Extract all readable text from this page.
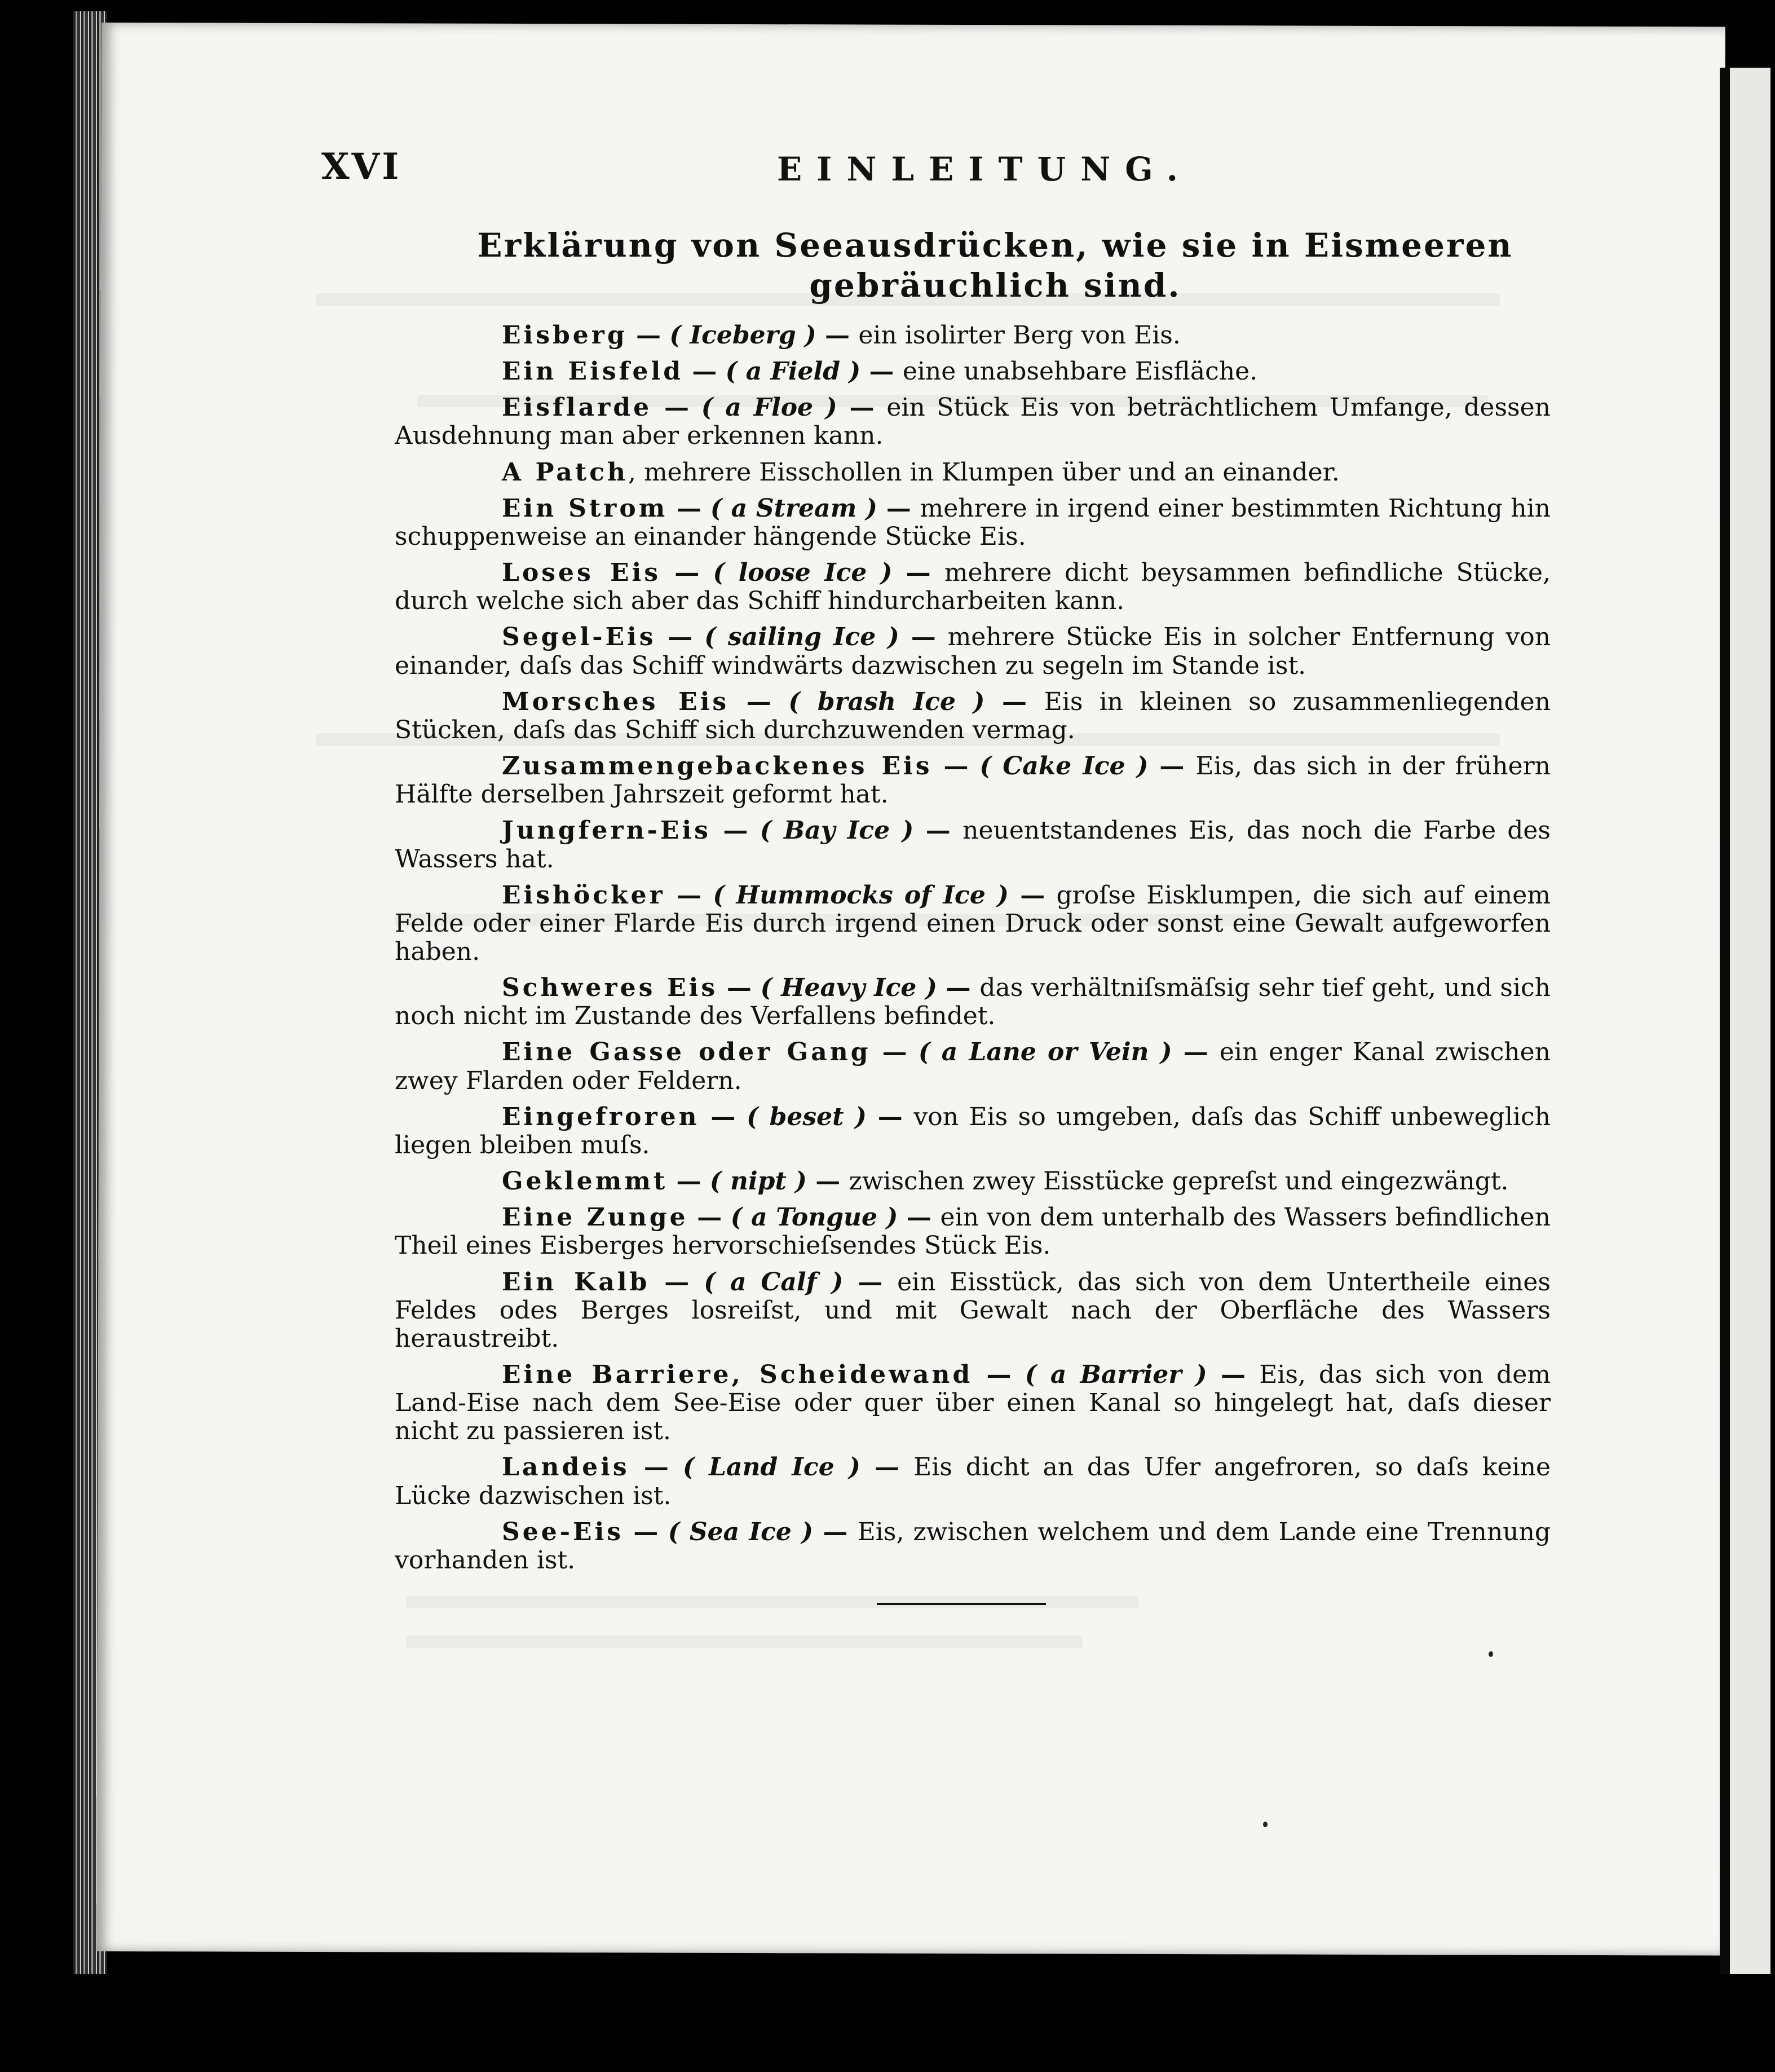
XVI	EINLEITUNG.
Erklärung von Seeausdrücken, wie sie in Eismeeren gebräuchlich sind.
Eisberg — ( Iceberg ) — ein isolirter Berg von Eis.
Ein Eisfeld — ( a Field ) — eine unabsehbare Eisfläche.
Eisflarde — ( a Floe ) — ein Stück Eis von beträchtlichem Umfange, dessen Ausdehnung man aber erkennen kann.
A Patch, mehrere Eisschollen in Klumpen über und an einander.
Ein Strom — ( a Stream ) — mehrere in irgend einer bestimmten Richtung hin schuppenweise an einander hängende Stücke Eis.
Loses Eis — ( loose Ice ) — mehrere dicht beysammen befindliche Stücke, durch welche sich aber das Schiff hindurcharbeiten kann.
Segel-Eis — ( sailing Ice ) — mehrere Stücke Eis in solcher Entfernung von einander, daſs das Schiff windwärts dazwischen zu segeln im Stande ist.
Morsches Eis — ( brash Ice ) — Eis in kleinen so zusammenliegenden Stücken, daſs das Schiff sich durchzuwenden vermag.
Zusammengebackenes Eis — ( Cake Ice ) — Eis, das sich in der frühern Hälfte derselben Jahrszeit geformt hat.
Jungfern-Eis — ( Bay Ice ) — neuentstandenes Eis, das noch die Farbe des Wassers hat.
Eishöcker — ( Hummocks of Ice ) — groſse Eisklumpen, die sich auf einem Felde oder einer Flarde Eis durch irgend einen Druck oder sonst eine Gewalt aufgeworfen haben.
Schweres Eis — ( Heavy Ice ) — das verhältniſsmäſsig sehr tief geht, und sich noch nicht im Zustande des Verfallens befindet.
Eine Gasse oder Gang — ( a Lane or Vein ) — ein enger Kanal zwischen zwey Flarden oder Feldern.
Eingefroren — ( beset ) — von Eis so umgeben, daſs das Schiff unbeweglich liegen bleiben muſs.
Geklemmt — ( nipt ) — zwischen zwey Eisstücke gepreſst und eingezwängt.
Eine Zunge — ( a Tongue ) — ein von dem unterhalb des Wassers befindlichen Theil eines Eisberges hervorschieſsendes Stück Eis.
Ein Kalb — ( a Calf ) — ein Eisstück, das sich von dem Untertheile eines Feldes odes Berges losreiſst, und mit Gewalt nach der Oberfläche des Wassers heraustreibt.
Eine Barriere, Scheidewand — ( a Barrier ) — Eis, das sich von dem Land-Eise nach dem See-Eise oder quer über einen Kanal so hingelegt hat, daſs dieser nicht zu passieren ist.
Landeis — ( Land Ice ) — Eis dicht an das Ufer angefroren, so daſs keine Lücke dazwischen ist.
See-Eis — ( Sea Ice ) — Eis, zwischen welchem und dem Lande eine Trennung vorhanden ist.
